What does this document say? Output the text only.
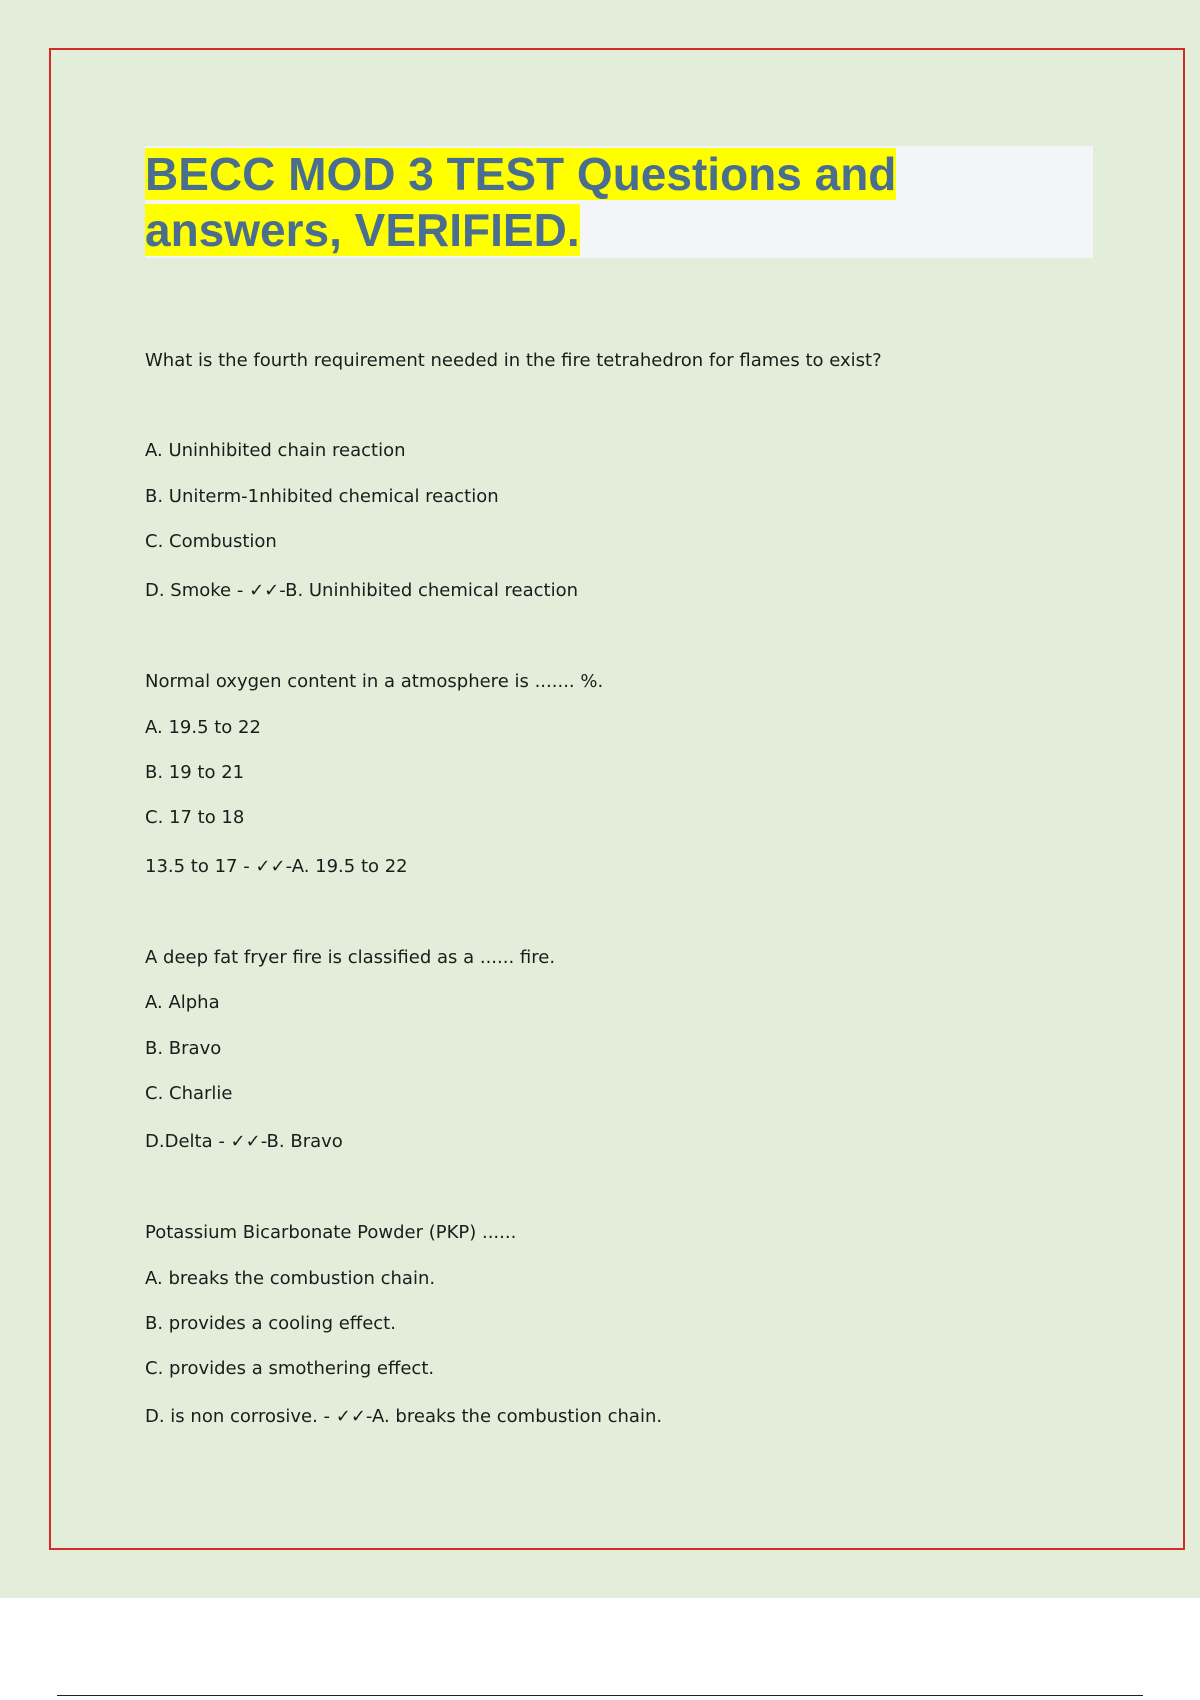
BECC MOD 3 TEST Questions and
answers, VERIFIED.

What is the fourth requirement needed in the fire tetrahedron for flames to exist?

A. Uninhibited chain reaction

B. Uniterm-1nhibited chemical reaction

C. Combustion

D. Smoke - ✓✓-B. Uninhibited chemical reaction

Normal oxygen content in a atmosphere is ....... %.

A. 19.5 to 22

B. 19 to 21

C. 17 to 18

13.5 to 17 - ✓✓-A. 19.5 to 22

A deep fat fryer fire is classified as a ...... fire.

A. Alpha

B. Bravo

C. Charlie

D.Delta - ✓✓-B. Bravo

Potassium Bicarbonate Powder (PKP) ......

A. breaks the combustion chain.

B. provides a cooling effect.

C. provides a smothering effect.

D. is non corrosive. - ✓✓-A. breaks the combustion chain.
